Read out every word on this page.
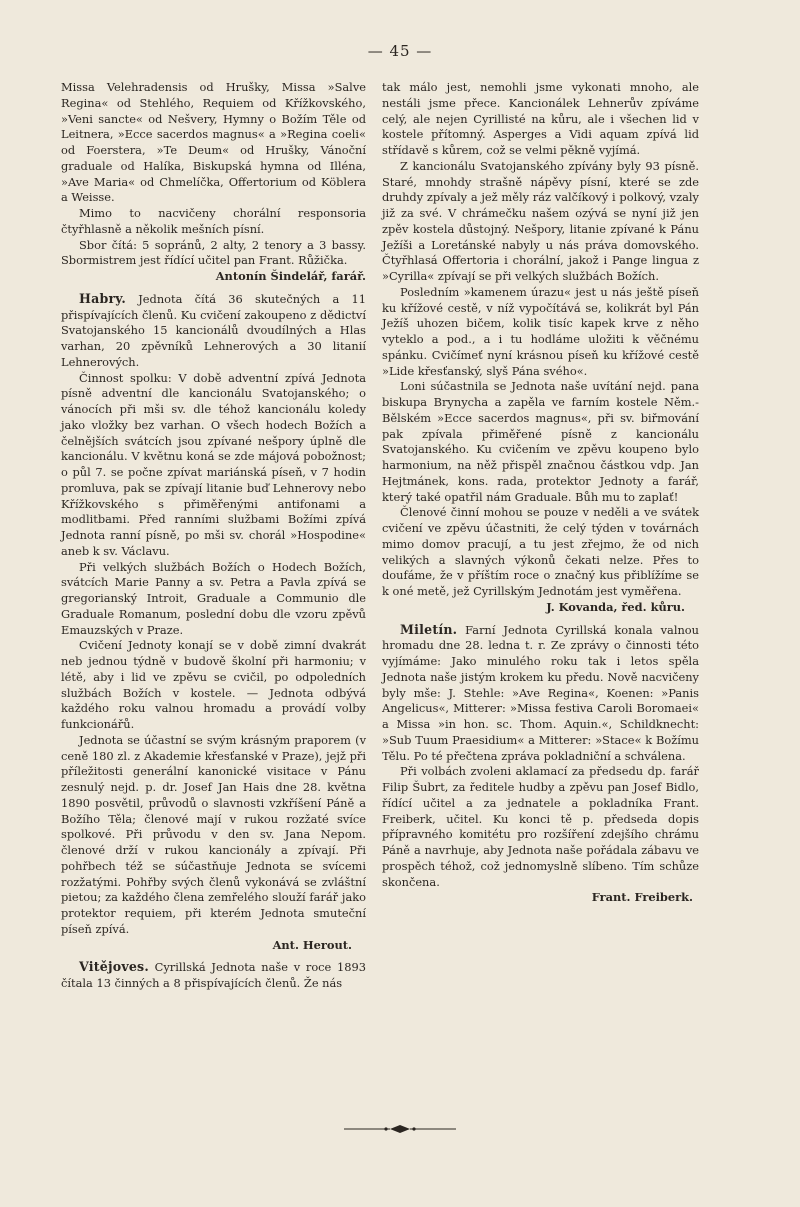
— 45 —

Missa Velehradensis od Hrušky, Missa »Salve Regina« od Stehlého, Requiem od Křížkovského, »Veni sancte« od Nešvery, Hymny o Božím Těle od Leitnera, »Ecce sacerdos magnus« a »Regina coeli« od Foerstera, »Te Deum« od Hrušky, Vánoční graduale od Halíka, Biskupská hymna od Illéna, »Ave Maria« od Chmelíčka, Offertorium od Köblera a Weisse.

Mimo to nacvičeny chorální responsoria čtyřhlasně a několik mešních písní.

Sbor čítá: 5 sopránů, 2 alty, 2 tenory a 3 bassy. Sbormistrem jest řídící učitel pan Frant. Růžička.

Antonín Šindelář, farář.

Habry. Jednota čítá 36 skutečných a 11 přispívajících členů. Ku cvičení zakoupeno z dědictví Svatojanského 15 kancionálů dvoudílných a Hlas varhan, 20 zpěvníků Lehnerových a 30 litanií Lehnerových.

Činnost spolku: V době adventní zpívá Jednota písně adventní dle kancionálu Svatojanského; o vánocích při mši sv. dle téhož kancionálu koledy jako vložky bez varhan. O všech hodech Božích a čelnějších svátcích jsou zpívané nešpory úplně dle kancionálu. V květnu koná se zde májová pobožnost; o půl 7. se počne zpívat mariánská píseň, v 7 hodin promluva, pak se zpívají litanie buď Lehnerovy nebo Křížkovského s přiměřenými antifonami a modlitbami. Před ranními službami Božími zpívá Jednota ranní písně, po mši sv. chorál »Hospodine« aneb k sv. Václavu.

Při velkých službách Božích o Hodech Božích, svátcích Marie Panny a sv. Petra a Pavla zpívá se gregorianský Introit, Graduale a Communio dle Graduale Romanum, poslední dobu dle vzoru zpěvů Emauzských v Praze.

Cvičení Jednoty konají se v době zimní dvakrát neb jednou týdně v budově školní při harmoniu; v létě, aby i lid ve zpěvu se cvičil, po odpoledních službách Božích v kostele. — Jednota odbývá každého roku valnou hromadu a provádí volby funkcionářů.

Jednota se účastní se svým krásným praporem (v ceně 180 zl. z Akademie křesťanské v Praze), jejž při příležitosti generální kanonické visitace v Pánu zesnulý nejd. p. dr. Josef Jan Hais dne 28. května 1890 posvětil, průvodů o slavnosti vzkříšení Páně a Božího Těla; členové mají v rukou rozžaté svíce spolkové. Při průvodu v den sv. Jana Nepom. členové drží v rukou kancionály a zpívají. Při pohřbech též se súčastňuje Jednota se svícemi rozžatými. Pohřby svých členů vykonává se zvláštní pietou; za každého člena zemřelého slouží farář jako protektor requiem, při kterém Jednota smuteční píseň zpívá.

Ant. Herout.

Vitějoves. Cyrillská Jednota naše v roce 1893 čítala 13 činných a 8 přispívajících členů. Že nás

tak málo jest, nemohli jsme vykonati mnoho, ale nestáli jsme přece. Kancionálek Lehnerův zpíváme celý, ale nejen Cyrillisté na kůru, ale i všechen lid v kostele přítomný. Asperges a Vidi aquam zpívá lid střídavě s kůrem, což se velmi pěkně vyjímá.

Z kancionálu Svatojanského zpívány byly 93 písně. Staré, mnohdy strašně nápěvy písní, které se zde druhdy zpívaly a jež měly ráz valčíkový i polkový, vzaly již za své. V chrámečku našem ozývá se nyní již jen zpěv kostela důstojný. Nešpory, litanie zpívané k Pánu Ježíši a Loretánské nabyly u nás práva domovského. Čtyřhlasá Offertoria i chorální, jakož i Pange lingua z »Cyrilla« zpívají se při velkých službách Božích.

Posledním »kamenem úrazu« jest u nás ještě píseň ku křížové cestě, v níž vypočítává se, kolikrát byl Pán Ježíš uhozen bičem, kolik tisíc kapek krve z něho vyteklo a pod., a i tu hodláme uložiti k věčnému spánku. Cvičímeť nyní krásnou píseň ku křížové cestě »Lide křesťanský, slyš Pána svého«.

Loni súčastnila se Jednota naše uvítání nejd. pana biskupa Brynycha a zapěla ve farním kostele Něm.-Bělském »Ecce sacerdos magnus«, při sv. biřmování pak zpívala přiměřené písně z kancionálu Svatojanského. Ku cvičením ve zpěvu koupeno bylo harmonium, na něž přispěl značnou částkou vdp. Jan Hejtmánek, kons. rada, protektor Jednoty a farář, který také opatřil nám Graduale. Bůh mu to zaplať!

Členové činní mohou se pouze v neděli a ve svátek cvičení ve zpěvu účastniti, že celý týden v továrnách mimo domov pracují, a tu jest zřejmo, že od nich velikých a slavných výkonů čekati nelze. Přes to doufáme, že v příštím roce o značný kus přiblížíme se k oné metě, jež Cyrillským Jednotám jest vyměřena.

J. Kovanda, řed. kůru.

Miletín. Farní Jednota Cyrillská konala valnou hromadu dne 28. ledna t. r. Ze zprávy o činnosti této vyjímáme: Jako minulého roku tak i letos spěla Jednota naše jistým krokem ku předu. Nově nacvičeny byly mše: J. Stehle: »Ave Regina«, Koenen: »Panis Angelicus«, Mitterer: »Missa festiva Caroli Boromaei« a Missa »in hon. sc. Thom. Aquin.«, Schildknecht: »Sub Tuum Praesidium« a Mitterer: »Stace« k Božímu Tělu. Po té přečtena zpráva pokladniční a schválena.

Při volbách zvoleni aklamací za předsedu dp. farář Filip Šubrt, za ředitele hudby a zpěvu pan Josef Bidlo, řídící učitel a za jednatele a pokladníka Frant. Freiberk, učitel. Ku konci tě p. předseda dopis přípravného komitétu pro rozšíření zdejšího chrámu Páně a navrhuje, aby Jednota naše pořádala zábavu ve prospěch téhož, což jednomyslně slíbeno. Tím schůze skončena.

Frant. Freiberk.
